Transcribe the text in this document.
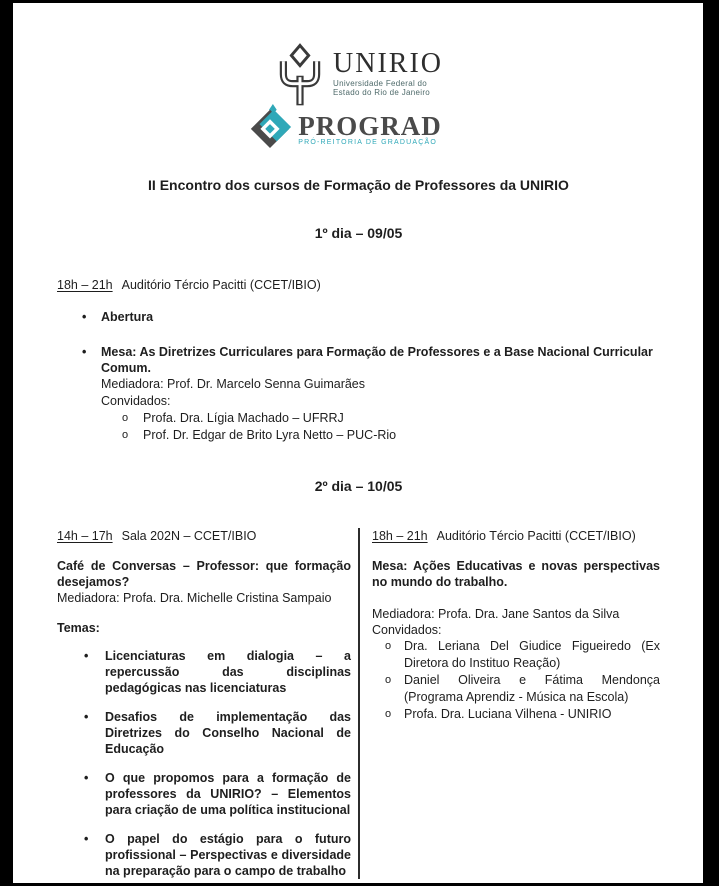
UNIRIO
Universidade Federal do
Estado do Rio de Janeiro
PROGRAD
PRÓ-REITORIA DE GRADUAÇÃO
II Encontro dos cursos de Formação de Professores da UNIRIO
1º dia – 09/05
18h – 21h Auditório Tércio Pacitti (CCET/IBIO)
•
Abertura
•
Mesa: As Diretrizes Curriculares para Formação de Professores e a Base Nacional Curricular Comum.
Mediadora: Prof. Dr. Marcelo Senna Guimarães
Convidados:
o
Profa. Dra. Lígia Machado – UFRRJ
o
Prof. Dr. Edgar de Brito Lyra Netto – PUC-Rio
2º dia – 10/05
14h – 17h Sala 202N – CCET/IBIO
Café de Conversas – Professor: que formação desejamos?
Mediadora: Profa. Dra. Michelle Cristina Sampaio
Temas:
•
Licenciaturas em dialogia – a repercussão das disciplinas pedagógicas nas licenciaturas
•
Desafios de implementação das Diretrizes do Conselho Nacional de Educação
•
O que propomos para a formação de professores da UNIRIO? – Elementos para criação de uma política institucional
•
O papel do estágio para o futuro profissional – Perspectivas e diversidade na preparação para o campo de trabalho
18h – 21h Auditório Tércio Pacitti (CCET/IBIO)
Mesa: Ações Educativas e novas perspectivas no mundo do trabalho.
Mediadora: Profa. Dra. Jane Santos da Silva
Convidados:
o
Dra. Leriana Del Giudice Figueiredo (Ex Diretora do Instituo Reação)
o
Daniel Oliveira e Fátima Mendonça (Programa Aprendiz - Música na Escola)
o
Profa. Dra. Luciana Vilhena - UNIRIO
